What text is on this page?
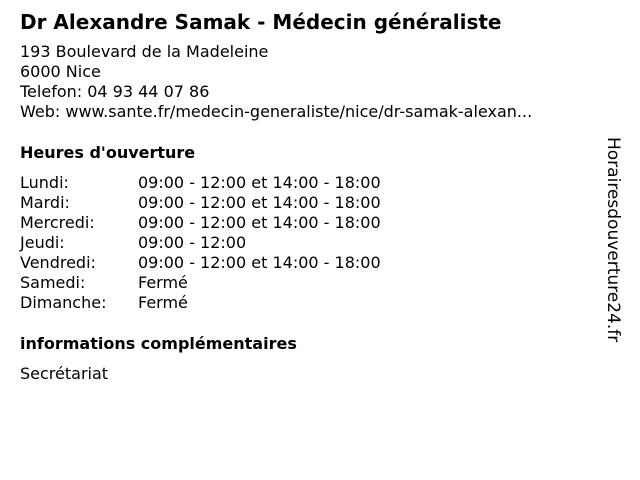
Dr Alexandre Samak - Médecin généraliste
193 Boulevard de la Madeleine
6000 Nice
Telefon: 04 93 44 07 86
Web: www.sante.fr/medecin-generaliste/nice/dr-samak-alexan...
Heures d'ouverture
Lundi:	09:00 - 12:00 et 14:00 - 18:00
Mardi:	09:00 - 12:00 et 14:00 - 18:00
Mercredi:	09:00 - 12:00 et 14:00 - 18:00
Jeudi:	09:00 - 12:00
Vendredi:	09:00 - 12:00 et 14:00 - 18:00
Samedi:	Fermé
Dimanche:	Fermé
informations complémentaires
Secrétariat
Horairesdouverture24.fr
